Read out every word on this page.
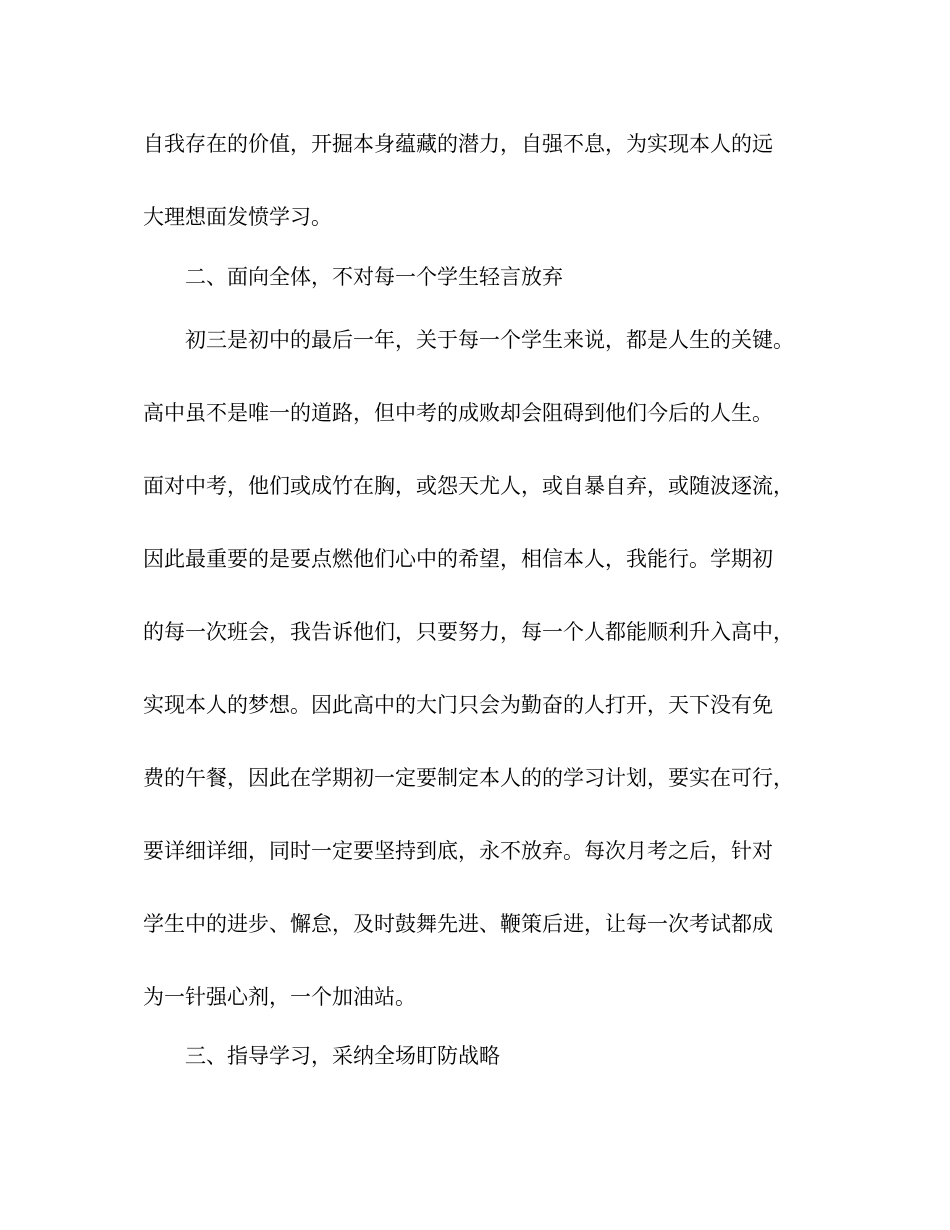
自我存在的价值，开掘本身蕴藏的潜力，自强不息，为实现本人的远
大理想面发愤学习。
二、面向全体，不对每一个学生轻言放弃
初三是初中的最后一年，关于每一个学生来说，都是人生的关键。
高中虽不是唯一的道路，但中考的成败却会阻碍到他们今后的人生。
面对中考，他们或成竹在胸，或怨天尤人，或自暴自弃，或随波逐流，
因此最重要的是要点燃他们心中的希望，相信本人，我能行。学期初
的每一次班会，我告诉他们，只要努力，每一个人都能顺利升入高中，
实现本人的梦想。因此高中的大门只会为勤奋的人打开，天下没有免
费的午餐，因此在学期初一定要制定本人的的学习计划，要实在可行，
要详细详细，同时一定要坚持到底，永不放弃。每次月考之后，针对
学生中的进步、懈怠，及时鼓舞先进、鞭策后进，让每一次考试都成
为一针强心剂，一个加油站。
三、指导学习，采纳全场盯防战略
